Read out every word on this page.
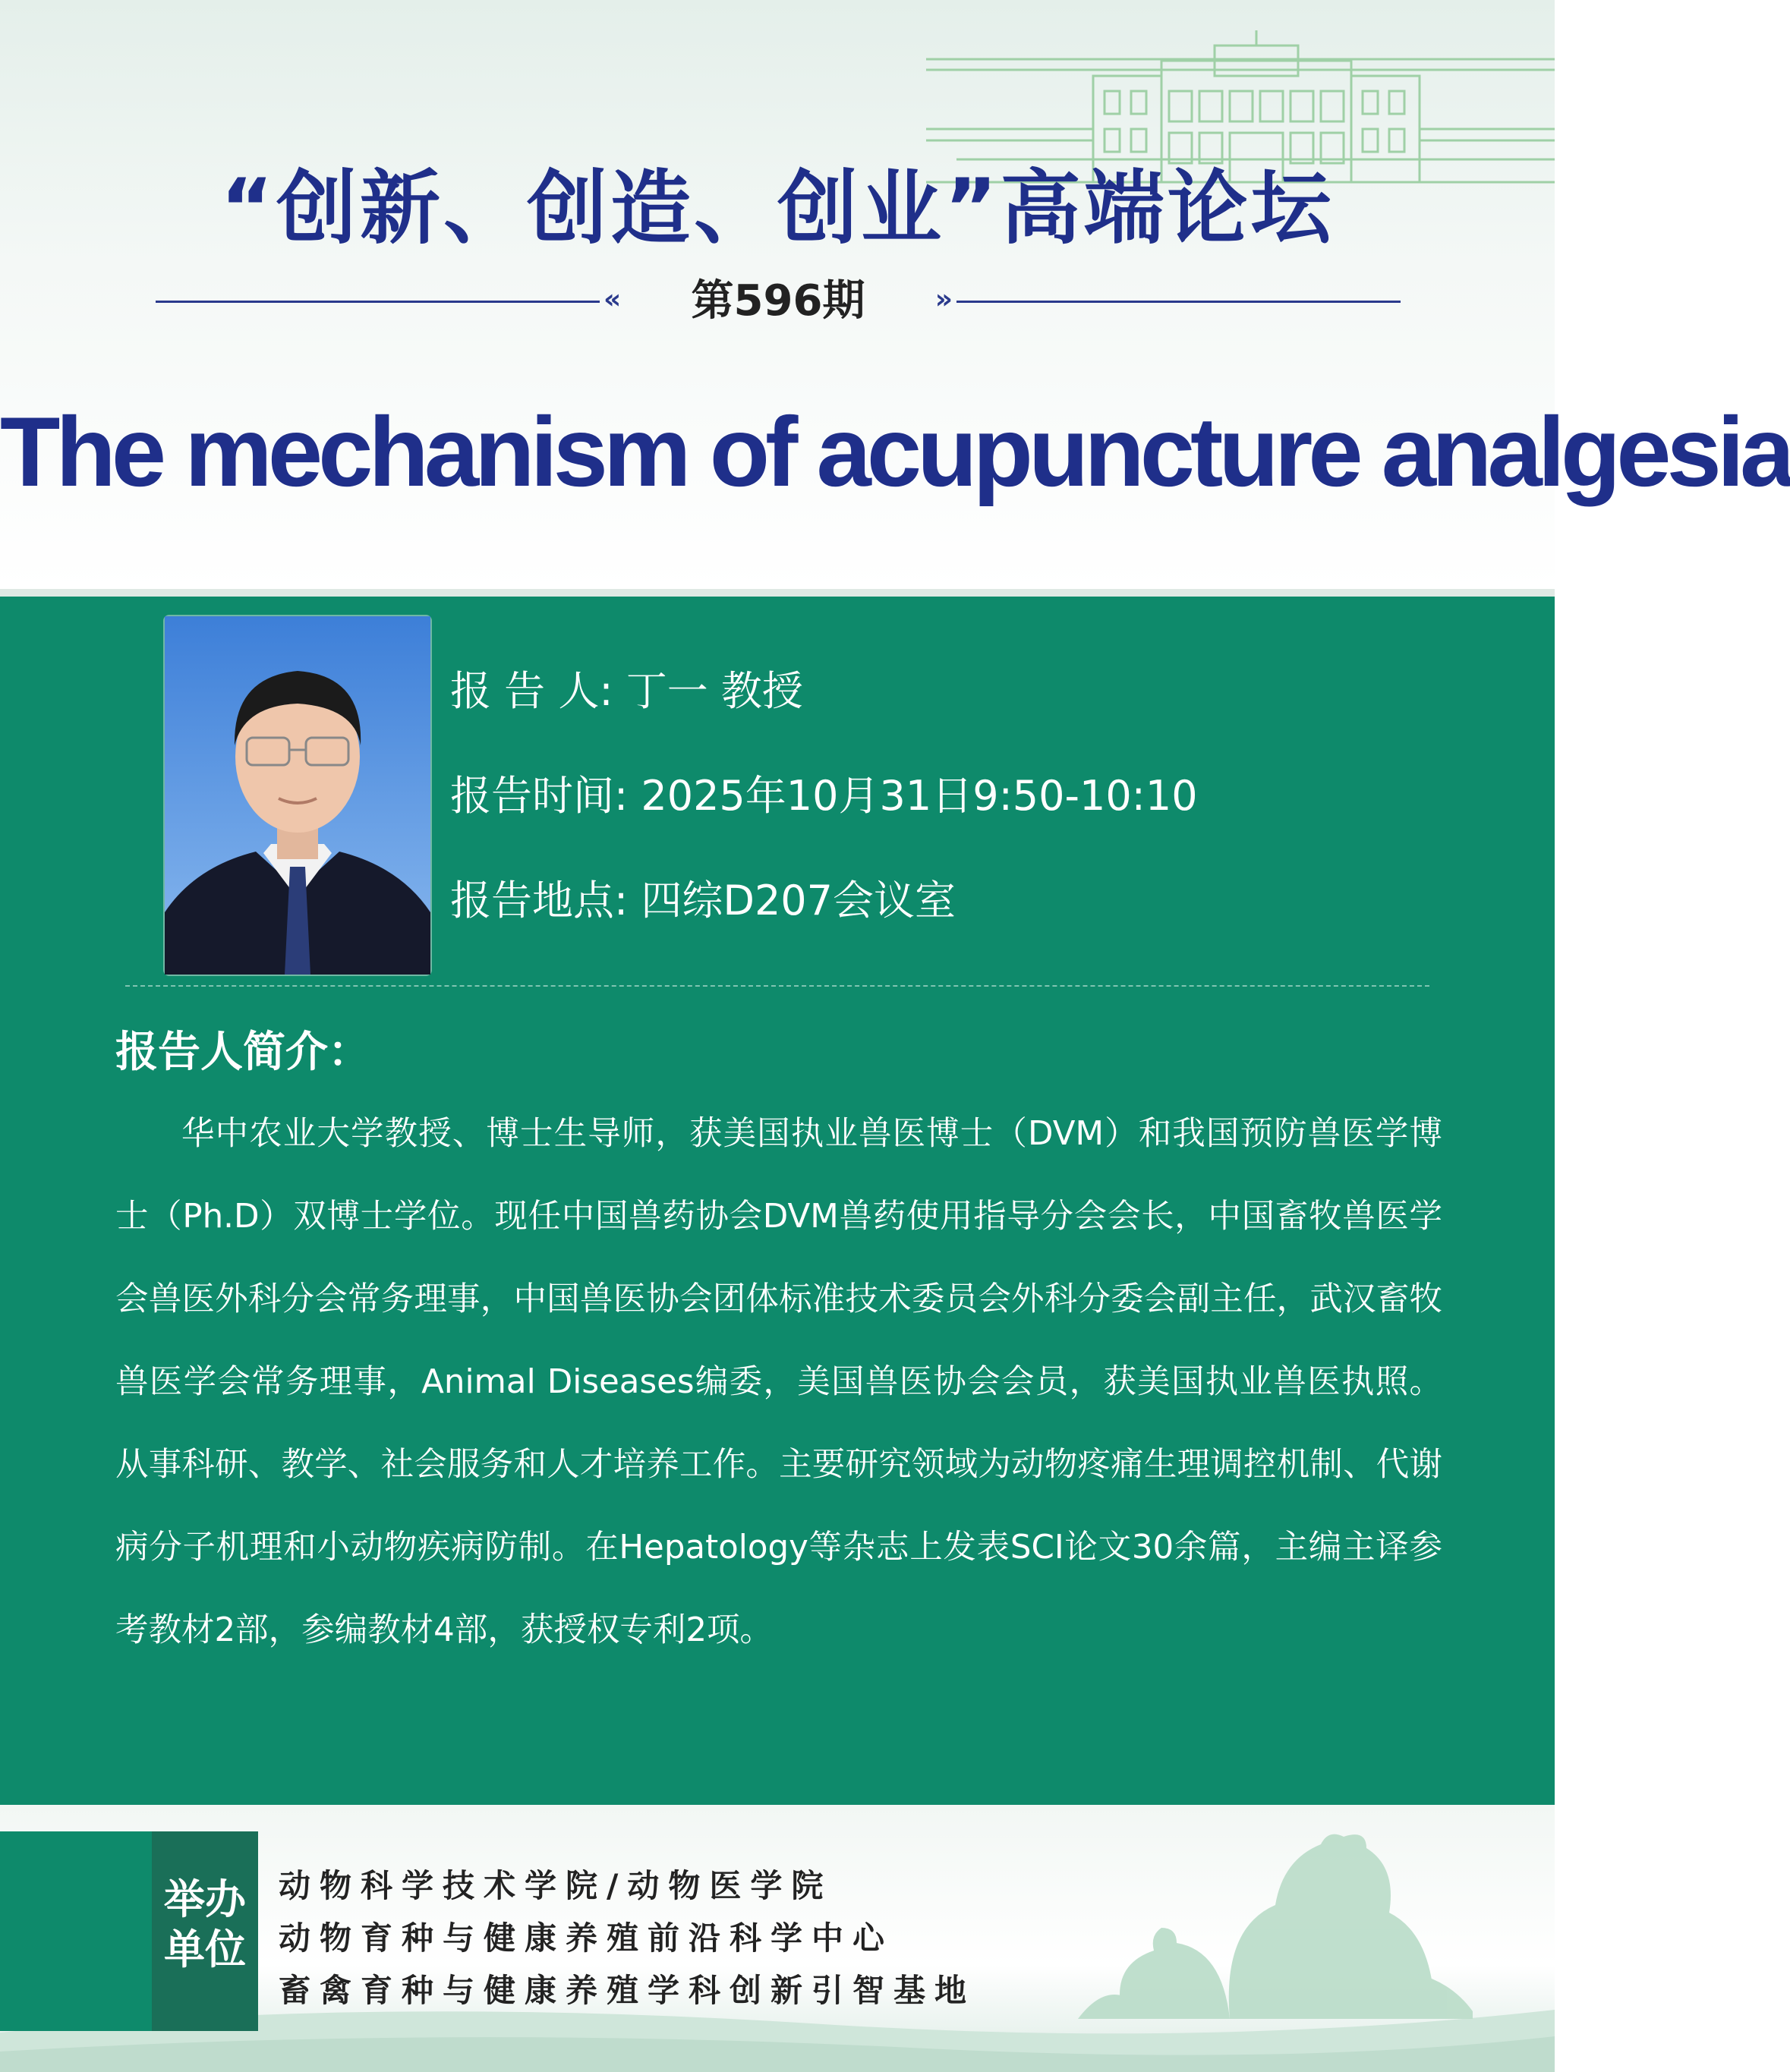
“创新、创造、创业”高端论坛
«	第596期	»
The mechanism of acupuncture analgesia
报 告 人: 丁一 教授
报告时间: 2025年10月31日9:50-10:10
报告地点: 四综D207会议室
报告人简介：
华中农业大学教授、博士生导师，获美国执业兽医博士（DVM）和我国预防兽医学博士（Ph.D）双博士学位。现任中国兽药协会DVM兽药使用指导分会会长，中国畜牧兽医学会兽医外科分会常务理事，中国兽医协会团体标准技术委员会外科分委会副主任，武汉畜牧兽医学会常务理事，Animal Diseases编委，美国兽医协会会员，获美国执业兽医执照。 从事科研、教学、社会服务和人才培养工作。主要研究领域为动物疼痛生理调控机制、代谢病分子机理和小动物疾病防制。在Hepatology等杂志上发表SCI论文30余篇，主编主译参考教材2部，参编教材4部，获授权专利2项。
举办
单位
动物科学技术学院/动物医学院
动物育种与健康养殖前沿科学中心
畜禽育种与健康养殖学科创新引智基地
